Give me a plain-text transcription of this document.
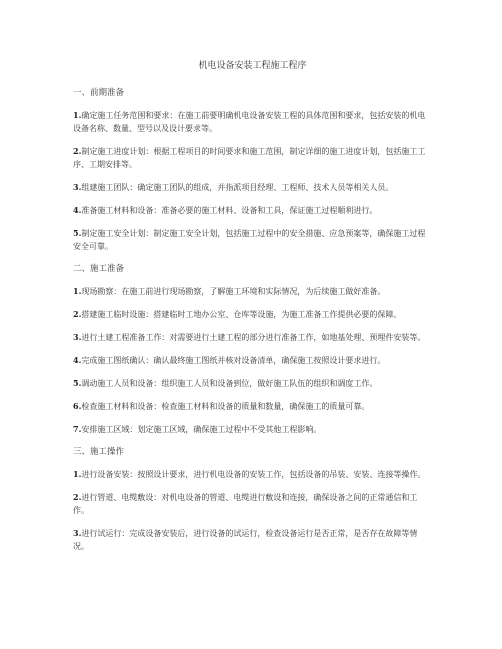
机电设备安装工程施工程序

一、前期准备

1.确定施工任务范围和要求：在施工前要明确机电设备安装工程的具体范围和要求，包括安装的机电设备名称、数量、型号以及设计要求等。

2.制定施工进度计划：根据工程项目的时间要求和施工范围，制定详细的施工进度计划，包括施工工序、工期安排等。

3.组建施工团队：确定施工团队的组成，并指派项目经理、工程师、技术人员等相关人员。

4.准备施工材料和设备：准备必要的施工材料、设备和工具，保证施工过程顺利进行。

5.制定施工安全计划：制定施工安全计划，包括施工过程中的安全措施、应急预案等，确保施工过程安全可靠。

二、施工准备

1.现场勘察：在施工前进行现场勘察，了解施工环境和实际情况，为后续施工做好准备。

2.搭建施工临时设施：搭建临时工地办公室、仓库等设施，为施工准备工作提供必要的保障。

3.进行土建工程准备工作：对需要进行土建工程的部分进行准备工作，如地基处理、预埋件安装等。

4.完成施工图纸确认：确认最终施工图纸并核对设备清单，确保施工按照设计要求进行。

5.调动施工人员和设备：组织施工人员和设备到位，做好施工队伍的组织和调度工作。

6.检查施工材料和设备：检查施工材料和设备的质量和数量，确保施工的质量可靠。

7.安排施工区域：划定施工区域，确保施工过程中不受其他工程影响。

三、施工操作

1.进行设备安装：按照设计要求，进行机电设备的安装工作，包括设备的吊装、安装、连接等操作。

2.进行管道、电缆敷设：对机电设备的管道、电缆进行敷设和连接，确保设备之间的正常通信和工作。

3.进行试运行：完成设备安装后，进行设备的试运行，检查设备运行是否正常，是否存在故障等情况。
